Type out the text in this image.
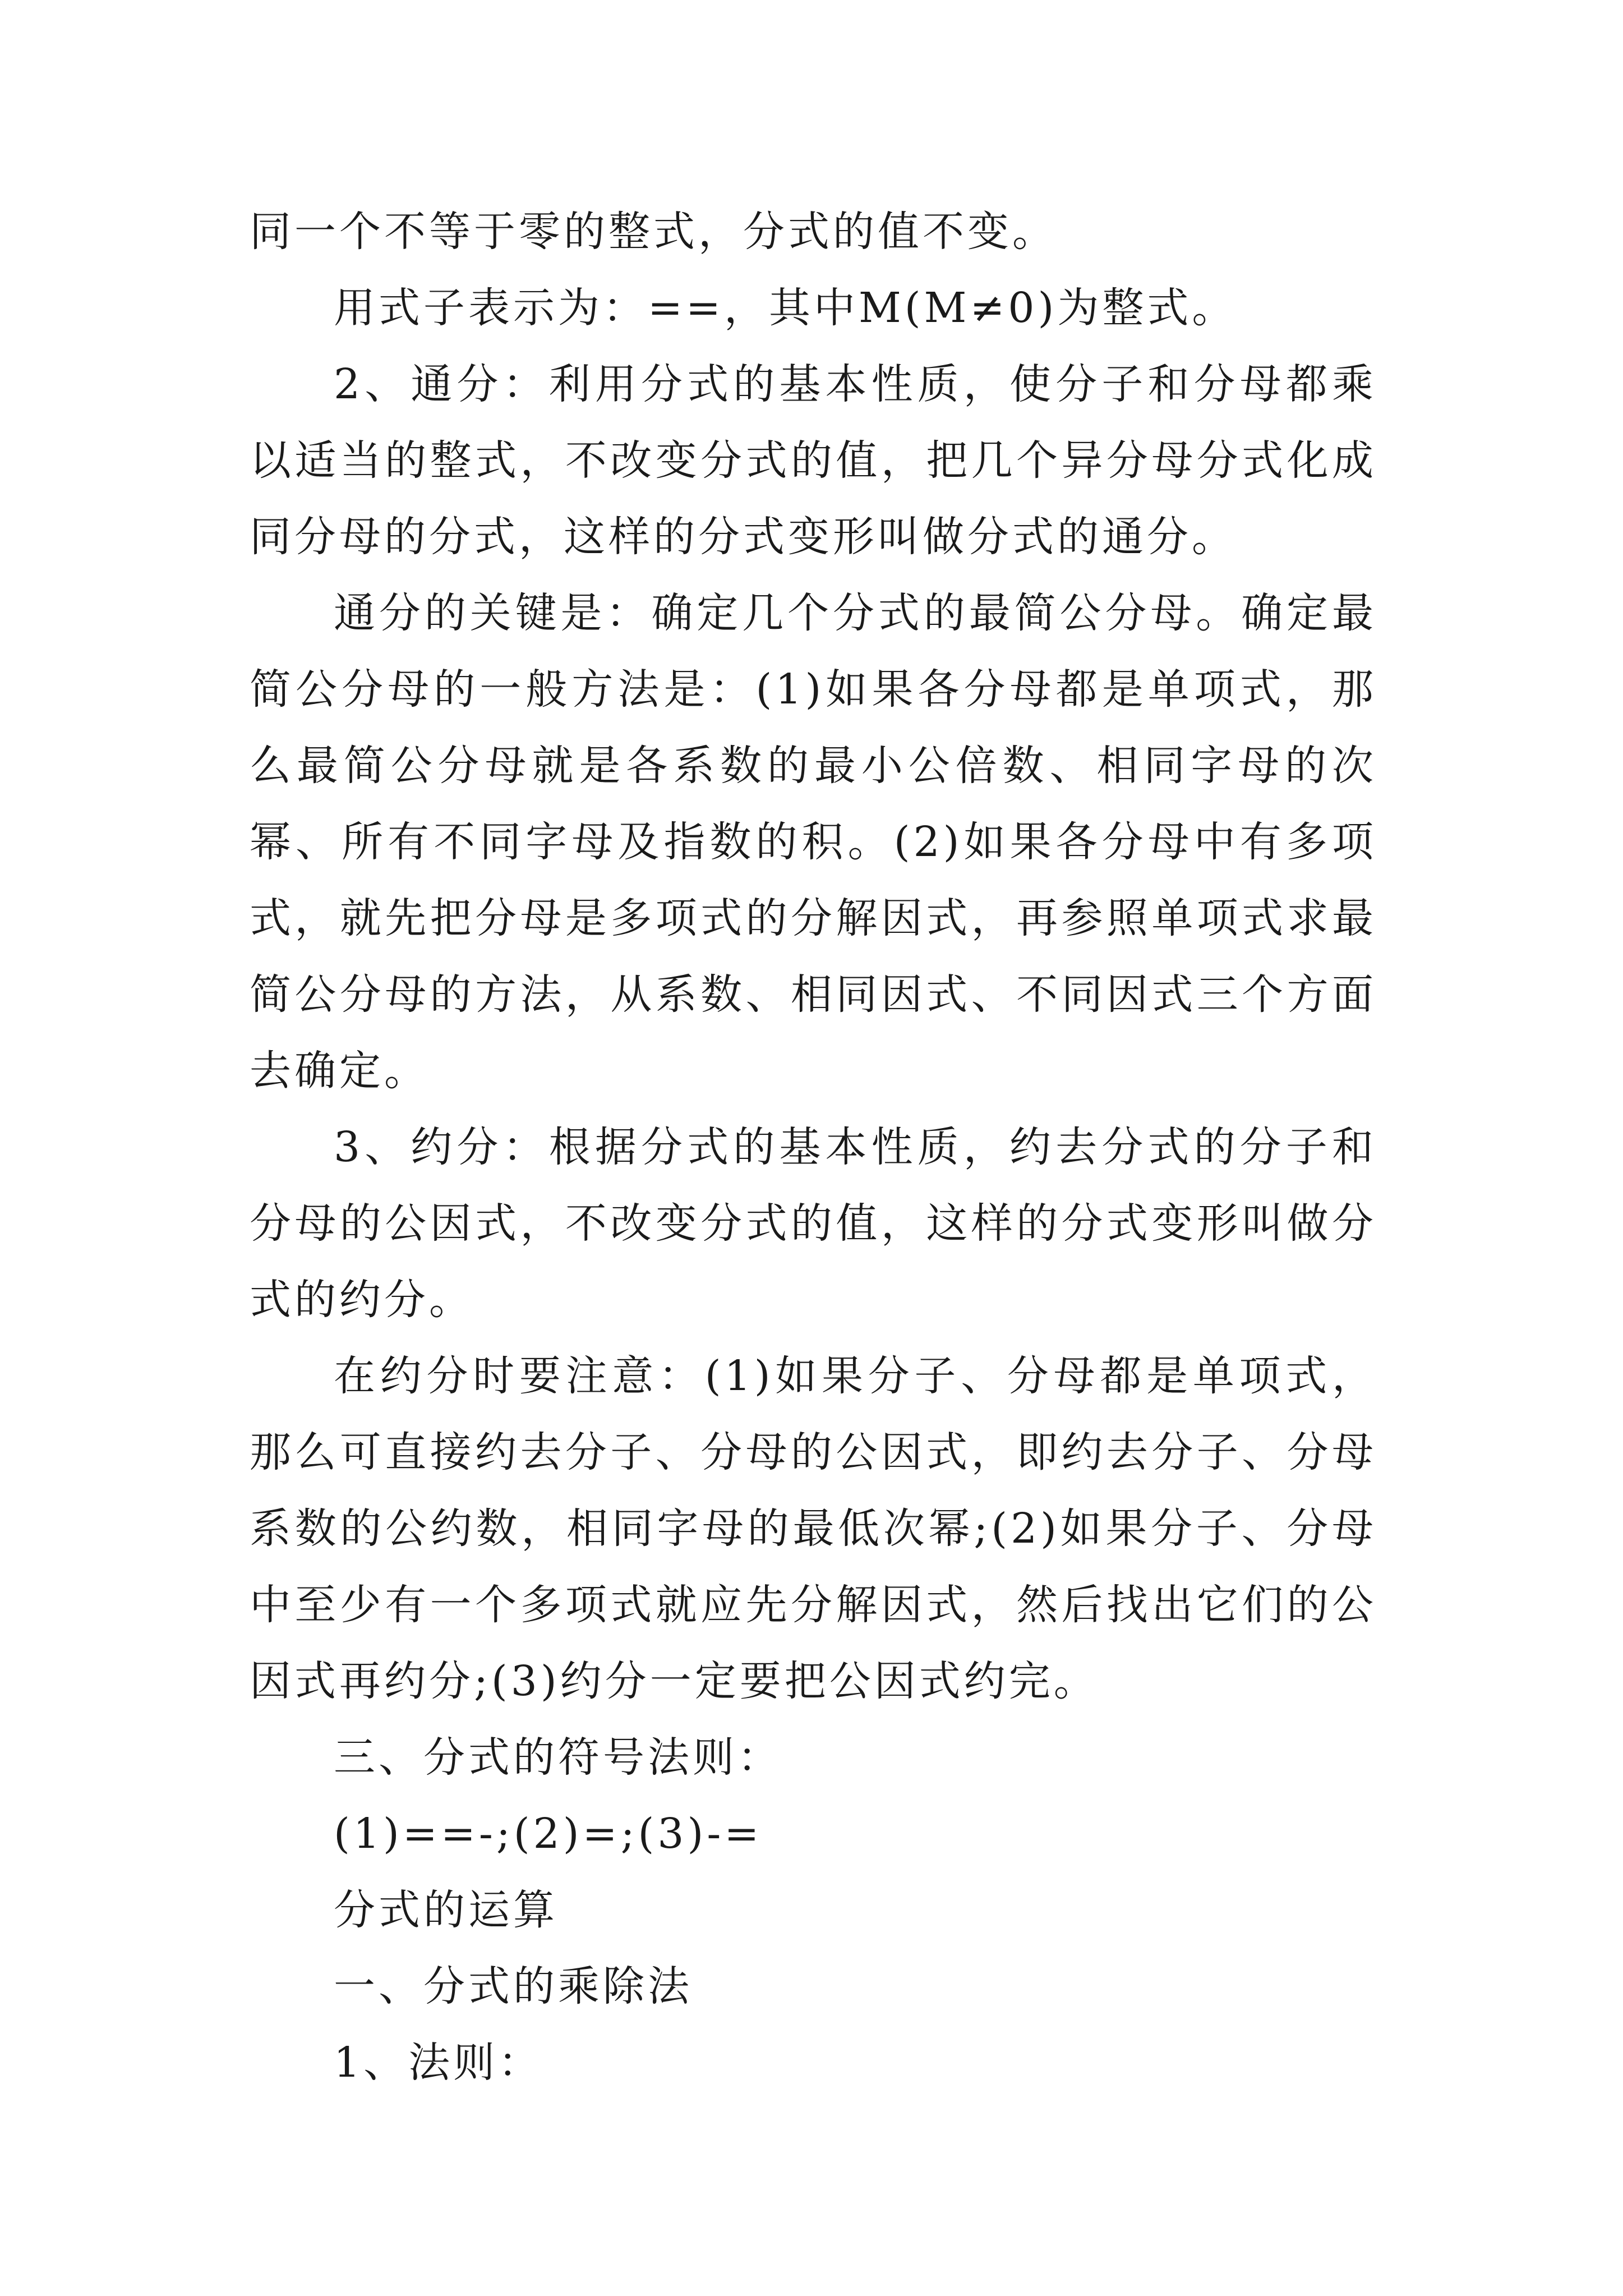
同一个不等于零的整式，分式的值不变。

用式子表示为：==，其中M(M≠0)为整式。

2、通分：利用分式的基本性质，使分子和分母都乘以适当的整式，不改变分式的值，把几个异分母分式化成同分母的分式，这样的分式变形叫做分式的通分。

通分的关键是：确定几个分式的最简公分母。确定最简公分母的一般方法是：(1)如果各分母都是单项式，那么最简公分母就是各系数的最小公倍数、相同字母的次幂、所有不同字母及指数的积。(2)如果各分母中有多项式，就先把分母是多项式的分解因式，再参照单项式求最简公分母的方法，从系数、相同因式、不同因式三个方面去确定。

3、约分：根据分式的基本性质，约去分式的分子和分母的公因式，不改变分式的值，这样的分式变形叫做分式的约分。

在约分时要注意：(1)如果分子、分母都是单项式，那么可直接约去分子、分母的公因式，即约去分子、分母系数的公约数，相同字母的最低次幂;(2)如果分子、分母中至少有一个多项式就应先分解因式，然后找出它们的公因式再约分;(3)约分一定要把公因式约完。

三、分式的符号法则：

(1)==-;(2)=;(3)-=

分式的运算

一、分式的乘除法

1、法则：
